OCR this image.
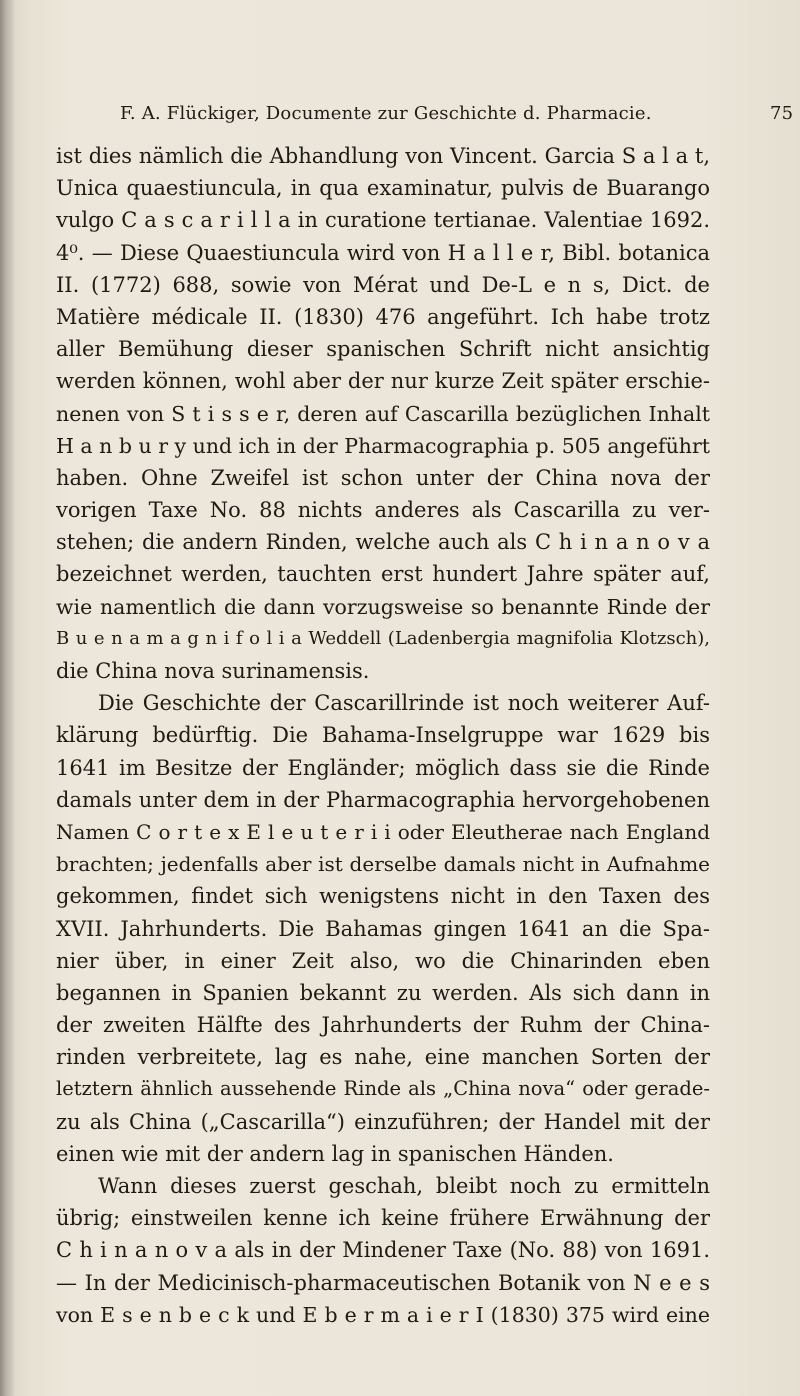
F. A. Flückiger, Documente zur Geschichte d. Pharmacie.	75
ist dies nämlich die Abhandlung von Vincent. Garcia S a l a t,
Unica quaestiuncula, in qua examinatur, pulvis de Buarango
vulgo C a s c a r i l l a in curatione tertianae. Valentiae 1692.
4⁰. — Diese Quaestiuncula wird von H a l l e r, Bibl. botanica
II. (1772) 688, sowie von Mérat und De-L e n s, Dict. de
Matière médicale II. (1830) 476 angeführt. Ich habe trotz
aller Bemühung dieser spanischen Schrift nicht ansichtig
werden können, wohl aber der nur kurze Zeit später erschie-
nenen von S t i s s e r, deren auf Cascarilla bezüglichen Inhalt
H a n b u r y und ich in der Pharmacographia p. 505 angeführt
haben. Ohne Zweifel ist schon unter der China nova der
vorigen Taxe No. 88 nichts anderes als Cascarilla zu ver-
stehen; die andern Rinden, welche auch als C h i n a n o v a
bezeichnet werden, tauchten erst hundert Jahre später auf,
wie namentlich die dann vorzugsweise so benannte Rinde der
B u e n a m a g n i f o l i a Weddell (Ladenbergia magnifolia Klotzsch),
die China nova surinamensis.
Die Geschichte der Cascarillrinde ist noch weiterer Auf-
klärung bedürftig. Die Bahama-Inselgruppe war 1629 bis
1641 im Besitze der Engländer; möglich dass sie die Rinde
damals unter dem in der Pharmacographia hervorgehobenen
Namen C o r t e x E l e u t e r i i oder Eleutherae nach England
brachten; jedenfalls aber ist derselbe damals nicht in Aufnahme
gekommen, findet sich wenigstens nicht in den Taxen des
XVII. Jahrhunderts. Die Bahamas gingen 1641 an die Spa-
nier über, in einer Zeit also, wo die Chinarinden eben
begannen in Spanien bekannt zu werden. Als sich dann in
der zweiten Hälfte des Jahrhunderts der Ruhm der China-
rinden verbreitete, lag es nahe, eine manchen Sorten der
letztern ähnlich aussehende Rinde als „China nova“ oder gerade-
zu als China („Cascarilla“) einzuführen; der Handel mit der
einen wie mit der andern lag in spanischen Händen.
Wann dieses zuerst geschah, bleibt noch zu ermitteln
übrig; einstweilen kenne ich keine frühere Erwähnung der
C h i n a n o v a als in der Mindener Taxe (No. 88) von 1691.
— In der Medicinisch-pharmaceutischen Botanik von N e e s
von E s e n b e c k und E b e r m a i e r I (1830) 375 wird eine
